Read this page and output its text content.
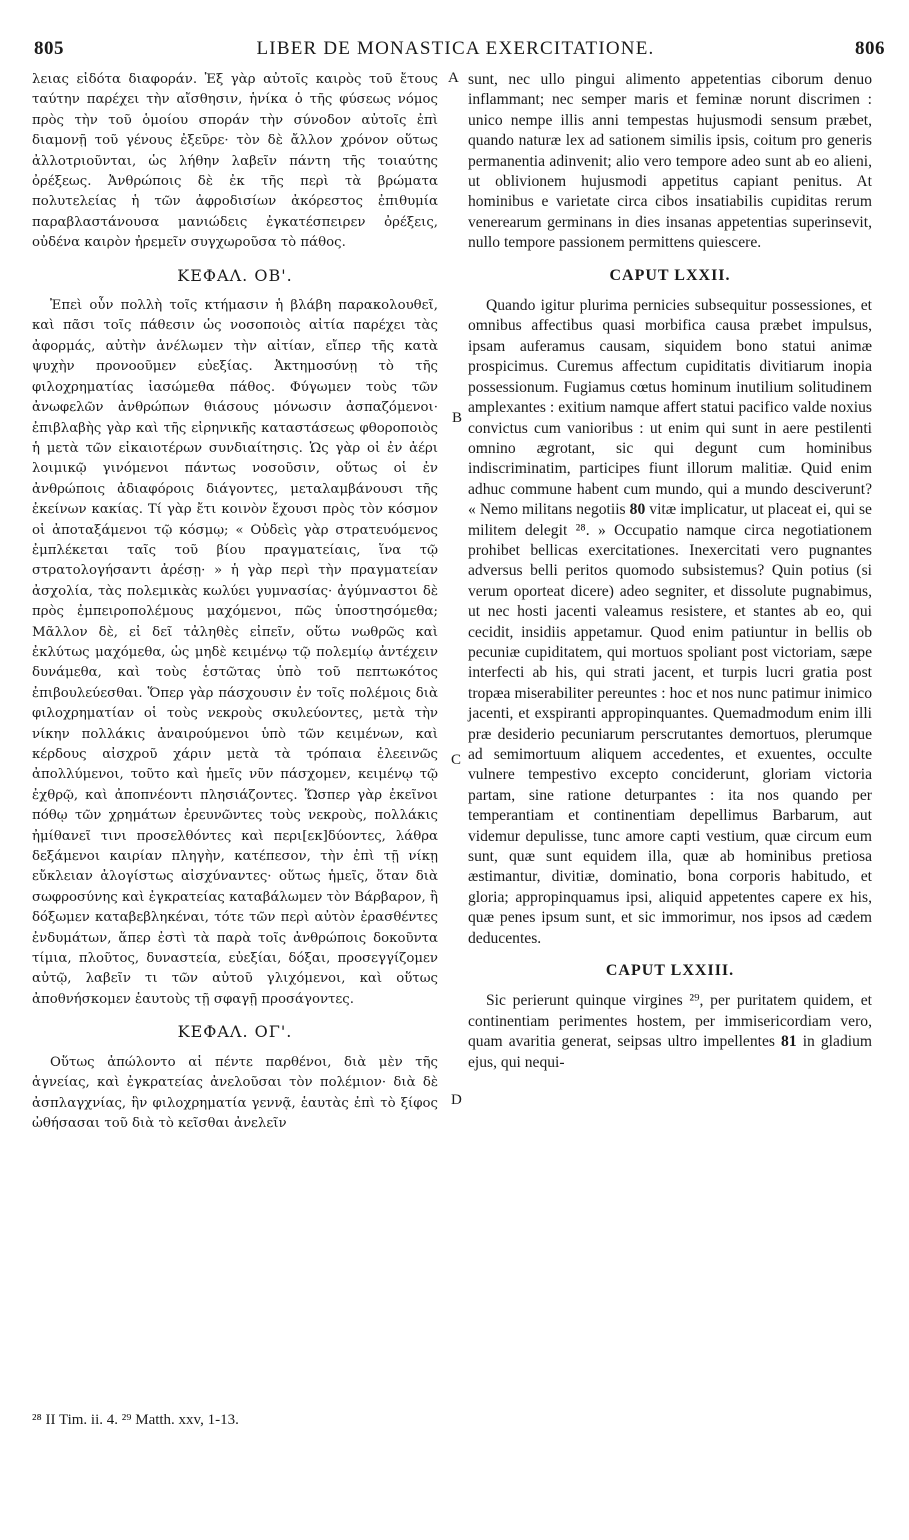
805	LIBER DE MONASTICA EXERCITATIONE.	806

λειας εἰδότα διαφοράν. Ἐξ γὰρ αὐτοῖς καιρὸς τοῦ ἔτους ταύτην παρέχει τὴν αἴσθησιν, ἡνίκα ὁ τῆς φύσεως νόμος πρὸς τὴν τοῦ ὁμοίου σποράν τὴν σύνοδον αὐτοῖς ἐπὶ διαμονῇ τοῦ γένους ἐξεῦρε· τὸν δὲ ἄλλον χρόνον οὕτως ἀλλοτριοῦνται, ὡς λήθην λαβεῖν πάντη τῆς τοιαύτης ὀρέξεως. Ἀνθρώποις δὲ ἐκ τῆς περὶ τὰ βρώματα πολυτελείας ἡ τῶν ἀφροδισίων ἀκόρεστος ἐπιθυμία παραβλαστάνουσα μανιώδεις ἐγκατέσπειρεν ὀρέξεις, οὐδένα καιρὸν ἠρεμεῖν συγχωροῦσα τὸ πάθος.

ΚΕΦΑΛ. ΟΒ'.

Ἐπεὶ οὖν πολλὴ τοῖς κτήμασιν ἡ βλάβη παρακολουθεῖ, καὶ πᾶσι τοῖς πάθεσιν ὡς νοσοποιὸς αἰτία παρέχει τὰς ἀφορμάς, αὐτὴν ἀνέλωμεν τὴν αἰτίαν, εἴπερ τῆς κατὰ ψυχὴν προνοοῦμεν εὐεξίας. Ἀκτημοσύνῃ τὸ τῆς φιλοχρηματίας ἰασώμεθα πάθος. Φύγωμεν τοὺς τῶν ἀνωφελῶν ἀνθρώπων θιάσους μόνωσιν ἀσπαζόμενοι· ἐπιβλαβὴς γὰρ καὶ τῆς εἰρηνικῆς καταστάσεως φθοροποιὸς ἡ μετὰ τῶν εἰκαιοτέρων συνδιαίτησις. Ὡς γὰρ οἱ ἐν ἀέρι λοιμικῷ γινόμενοι πάντως νοσοῦσιν, οὕτως οἱ ἐν ἀνθρώποις ἀδιαφόροις διάγοντες, μεταλαμβάνουσι τῆς ἐκείνων κακίας. Τί γὰρ ἔτι κοινὸν ἔχουσι πρὸς τὸν κόσμον οἱ ἀποταξάμενοι τῷ κόσμῳ; « Οὐδεὶς γὰρ στρατευόμενος ἐμπλέκεται ταῖς τοῦ βίου πραγματείαις, ἵνα τῷ στρατολογήσαντι ἀρέσῃ· » ἡ γὰρ περὶ τὴν πραγματείαν ἀσχολία, τὰς πολεμικὰς κωλύει γυμνασίας· ἀγύμναστοι δὲ πρὸς ἐμπειροπολέμους μαχόμενοι, πῶς ὑποστησόμεθα; Μᾶλλον δὲ, εἰ δεῖ τἀληθὲς εἰπεῖν, οὕτω νωθρῶς καὶ ἐκλύτως μαχόμεθα, ὡς μηδὲ κειμένῳ τῷ πολεμίῳ ἀντέχειν δυνάμεθα, καὶ τοὺς ἑστῶτας ὑπὸ τοῦ πεπτωκότος ἐπιβουλεύεσθαι. Ὅπερ γὰρ πάσχουσιν ἐν τοῖς πολέμοις διὰ φιλοχρηματίαν οἱ τοὺς νεκροὺς σκυλεύοντες, μετὰ τὴν νίκην πολλάκις ἀναιρούμενοι ὑπὸ τῶν κειμένων, καὶ κέρδους αἰσχροῦ χάριν μετὰ τὰ τρόπαια ἐλεεινῶς ἀπολλύμενοι, τοῦτο καὶ ἡμεῖς νῦν πάσχομεν, κειμένῳ τῷ ἐχθρῷ, καὶ ἀποπνέοντι πλησιάζοντες. Ὥσπερ γὰρ ἐκεῖνοι πόθῳ τῶν χρημάτων ἐρευνῶντες τοὺς νεκροὺς, πολλάκις ἠμίθανεῖ τινι προσελθόντες καὶ περι[εκ]δύοντες, λάθρα δεξάμενοι καιρίαν πληγὴν, κατέπεσον, τὴν ἐπὶ τῇ νίκῃ εὔκλειαν ἀλογίστως αἰσχύναντες· οὕτως ἡμεῖς, ὅταν διὰ σωφροσύνης καὶ ἐγκρατείας καταβάλωμεν τὸν Βάρβαρον, ἢ δόξωμεν καταβεβληκέναι, τότε τῶν περὶ αὐτὸν ἐρασθέντες ἐνδυμάτων, ἅπερ ἐστὶ τὰ παρὰ τοῖς ἀνθρώποις δοκοῦντα τίμια, πλοῦτος, δυναστεία, εὐεξίαι, δόξαι, προσεγγίζομεν αὐτῷ, λαβεῖν τι τῶν αὐτοῦ γλιχόμενοι, καὶ οὕτως ἀποθνήσκομεν ἑαυτοὺς τῇ σφαγῇ προσάγοντες.

ΚΕΦΑΛ. ΟΓ'.

Οὕτως ἀπώλοντο αἱ πέντε παρθένοι, διὰ μὲν τῆς ἁγνείας, καὶ ἐγκρατείας ἀνελοῦσαι τὸν πολέμιον· διὰ δὲ ἀσπλαγχνίας, ἣν φιλοχρηματία γεννᾷ, ἑαυτὰς ἐπὶ τὸ ξίφος ὠθήσασαι τοῦ διὰ τὸ κεῖσθαι ἀνελεῖν

sunt, nec ullo pingui alimento appetentias ciborum denuo inflammant; nec semper maris et feminæ norunt discrimen : unico nempe illis anni tempestas hujusmodi sensum præbet, quando naturæ lex ad sationem similis ipsis, coitum pro generis permanentia adinvenit; alio vero tempore adeo sunt ab eo alieni, ut oblivionem hujusmodi appetitus capiant penitus. At hominibus e varietate circa cibos insatiabilis cupiditas rerum venerearum germinans in dies insanas appetentias superinsevit, nullo tempore passionem permittens quiescere.

CAPUT LXXII.

Quando igitur plurima pernicies subsequitur possessiones, et omnibus affectibus quasi morbifica causa præbet impulsus, ipsam auferamus causam, siquidem bono statui animæ prospicimus. Curemus affectum cupiditatis divitiarum inopia possessionum. Fugiamus cœtus hominum inutilium solitudinem amplexantes : exitium namque affert statui pacifico valde noxius convictus cum vanioribus : ut enim qui sunt in aere pestilenti omnino ægrotant, sic qui degunt cum hominibus indiscriminatim, participes fiunt illorum malitiæ. Quid enim adhuc commune habent cum mundo, qui a mundo desciverunt? « Nemo militans negotiis 80 vitæ implicatur, ut placeat ei, qui se militem delegit ²⁸. » Occupatio namque circa negotiationem prohibet bellicas exercitationes. Inexercitati vero pugnantes adversus belli peritos quomodo subsistemus? Quin potius (si verum oporteat dicere) adeo segniter, et dissolute pugnabimus, ut nec hosti jacenti valeamus resistere, et stantes ab eo, qui cecidit, insidiis appetamur. Quod enim patiuntur in bellis ob pecuniæ cupiditatem, qui mortuos spoliant post victoriam, sæpe interfecti ab his, qui strati jacent, et turpis lucri gratia post tropæa miserabiliter pereuntes : hoc et nos nunc patimur inimico jacenti, et exspiranti appropinquantes. Quemadmodum enim illi præ desiderio pecuniarum perscrutantes demortuos, plerumque ad semimortuum aliquem accedentes, et exuentes, occulte vulnere tempestivo excepto conciderunt, gloriam victoria partam, sine ratione deturpantes : ita nos quando per temperantiam et continentiam depellimus Barbarum, aut videmur depulisse, tunc amore capti vestium, quæ circum eum sunt, quæ sunt equidem illa, quæ ab hominibus pretiosa æstimantur, divitiæ, dominatio, bona corporis habitudo, et gloria; appropinquamus ipsi, aliquid appetentes capere ex his, quæ penes ipsum sunt, et sic immorimur, nos ipsos ad cædem deducentes.

CAPUT LXXIII.

Sic perierunt quinque virgines ²⁹, per puritatem quidem, et continentiam perimentes hostem, per immisericordiam vero, quam avaritia generat, seipsas ultro impellentes 81 in gladium ejus, qui nequi-

A
B
C
D
²⁸ II Tim. ii. 4. ²⁹ Matth. xxv, 1-13.
